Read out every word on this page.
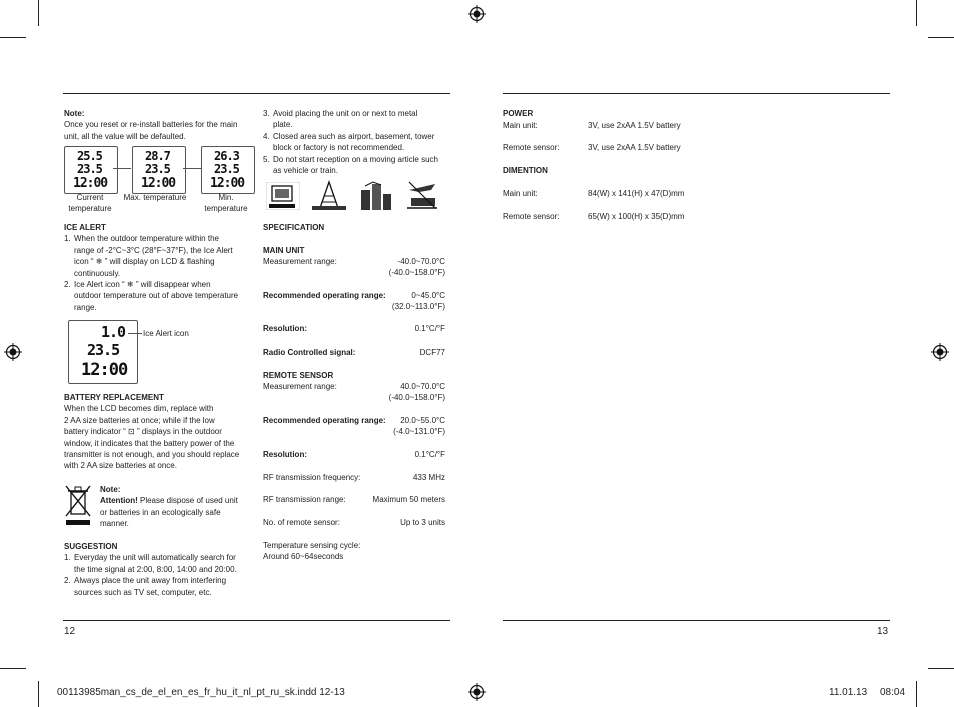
Note:
Once you reset or re-install batteries for the main
unit, all the value will be defaulted.
25.5
23.5
12:00
28.7
23.5
12:00
26.3
23.5
12:00
Current
temperature
Max. temperature	Min.
temperature
ICE ALERT
1. When the outdoor temperature within the
range of -2°C~3°C (28°F~37°F), the Ice Alert
icon “ ❄ ” will display on LCD & flashing
continuously.
2. Ice Alert icon “ ❄ ” will disappear when
outdoor temperature out of above temperature
range.
1.0
23.5
12:00
Ice Alert icon
BATTERY REPLACEMENT
When the LCD becomes dim, replace with
2 AA size batteries at once; while if the low
battery indicator “ ⊡ ” displays in the outdoor
window, it indicates that the battery power of the
transmitter is not enough, and you should replace
with 2 AA size batteries at once.
Note:
Attention! Please dispose of used unit
or batteries in an ecologically safe
manner.
SUGGESTION
1. Everyday the unit will automatically search for
the time signal at 2:00, 8:00, 14:00 and 20:00.
2. Always place the unit away from interfering
sources such as TV set, computer, etc.
12
3. Avoid placing the unit on or next to metal
plate.
4. Closed area such as airport, basement, tower
block or factory is not recommended.
5. Do not start reception on a moving article such
as vehicle or train.
SPECIFICATION
MAIN UNIT
Measurement range:	-40.0~70.0°C
(-40.0~158.0°F)
Recommended operating range:	0~45.0°C
(32.0~113.0°F)
Resolution:	0.1°C/°F
Radio Controlled signal:	DCF77
REMOTE SENSOR
Measurement range:	40.0~70.0°C
(-40.0~158.0°F)
Recommended operating range: 20.0~55.0°C
(-4.0~131.0°F)
Resolution:	0.1°C/°F
RF transmission frequency:	433 MHz
RF transmission range:	Maximum 50 meters
No. of remote sensor:	Up to 3 units
Temperature sensing cycle:
Around 60~64seconds
POWER
Main unit:	3V, use 2xAA 1.5V battery
Remote sensor:	3V, use 2xAA 1.5V battery
DIMENTION
Main unit:	84(W) x 141(H) x 47(D)mm
Remote sensor:	65(W) x 100(H) x 35(D)mm
13
00113985man_cs_de_el_en_es_fr_hu_it_nl_pt_ru_sk.indd 12-13	11.01.13 08:04
